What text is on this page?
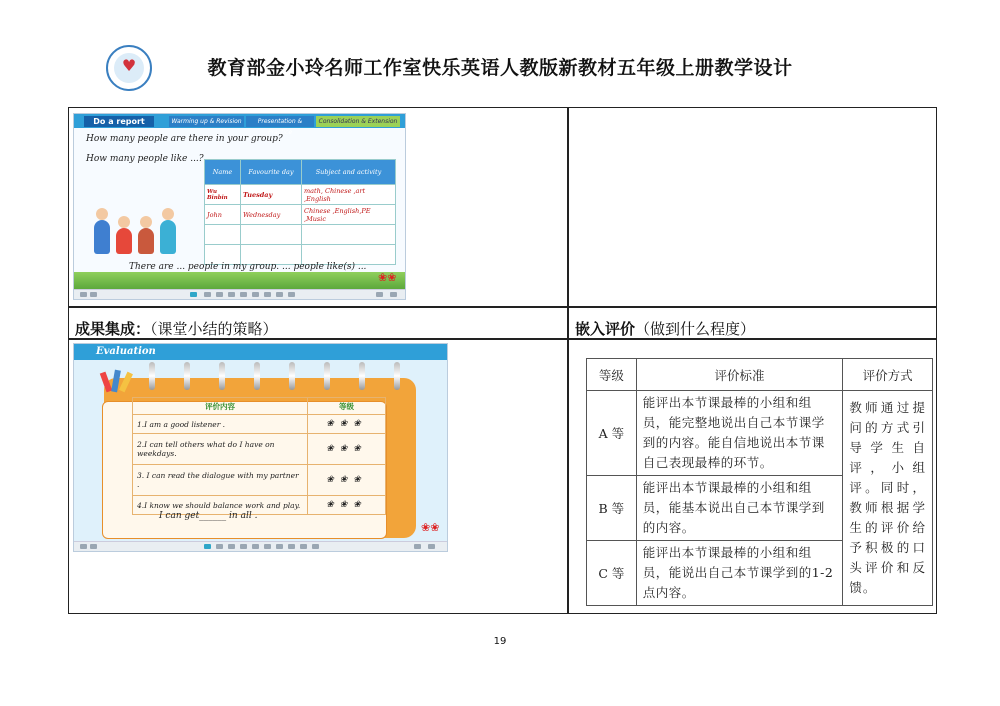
♥	教育部金小玲名师工作室快乐英语人教版新教材五年级上册教学设计
成果集成：（课堂小结的策略）	嵌入评价（做到什么程度）
Do a report	Warming up & Revision	Presentation & Practice
Consolidation & Extension
How many people are there in your group?
How many people like ...?
Name	Favourite day	Subject and activity
Wu Binbin	Tuesday	math, Chinese ,art ,English
John	Wednesday	Chinese ,English,PE ,Music

There are ... people in my group. ... people like(s) ...
❀❀
Evaluation
评价内容	等级
1.I am a good listener .	❀❀❀
2.I can tell others what do I have on weekdays.	❀❀❀
3. I can read the dialogue with my partner .	❀❀❀
4.I know we should balance work and play.	❀❀❀
I can get______ in all .
❀❀
等级	评价标准	评价方式
A 等	能评出本节课最棒的小组和组员，能完整地说出自己本节课学到的内容。能自信地说出本节课自己表现最棒的环节。	教师通过提问的方式引导学生自评，小组评。同时，教师根据学生的评价给予积极的口头评价和反馈。
B 等	能评出本节课最棒的小组和组员，能基本说出自己本节课学到的内容。	
C 等	能评出本节课最棒的小组和组员，能说出自己本节课学到的1-2 点内容。	
19
